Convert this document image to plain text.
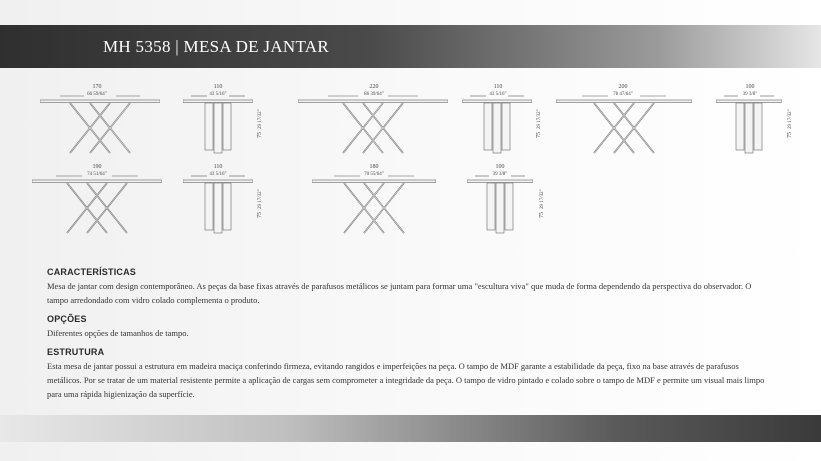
MH 5358 | MESA DE JANTAR
170
66 59/64"
110
43 5/16"
7529 17/32"
220
86 39/64"
110
43 5/16"
7529 17/32"
200
78 47/64"
100
39 3/8"
7529 17/32"
190
74 51/64"
110
43 5/16"
7529 17/32"
180
70 55/64"
100
39 3/8"
7529 17/32"
CARACTERÍSTICAS

Mesa de jantar com design contemporâneo. As peças da base fixas através de parafusos metálicos se juntam para formar uma "escultura viva" que muda de forma dependendo da perspectiva do observador. O tampo arredondado com vidro colado complementa o produto.

OPÇÕES

Diferentes opções de tamanhos de tampo.

ESTRUTURA

Esta mesa de jantar possui a estrutura em madeira maciça conferindo firmeza, evitando rangidos e imperfeições na peça. O tampo de MDF garante a estabilidade da peça, fixo na base através de parafusos metálicos. Por se tratar de um material resistente permite a aplicação de cargas sem comprometer a integridade da peça. O tampo de vidro pintado e colado sobre o tampo de MDF e permite um visual mais limpo para uma rápida higienização da superfície.
